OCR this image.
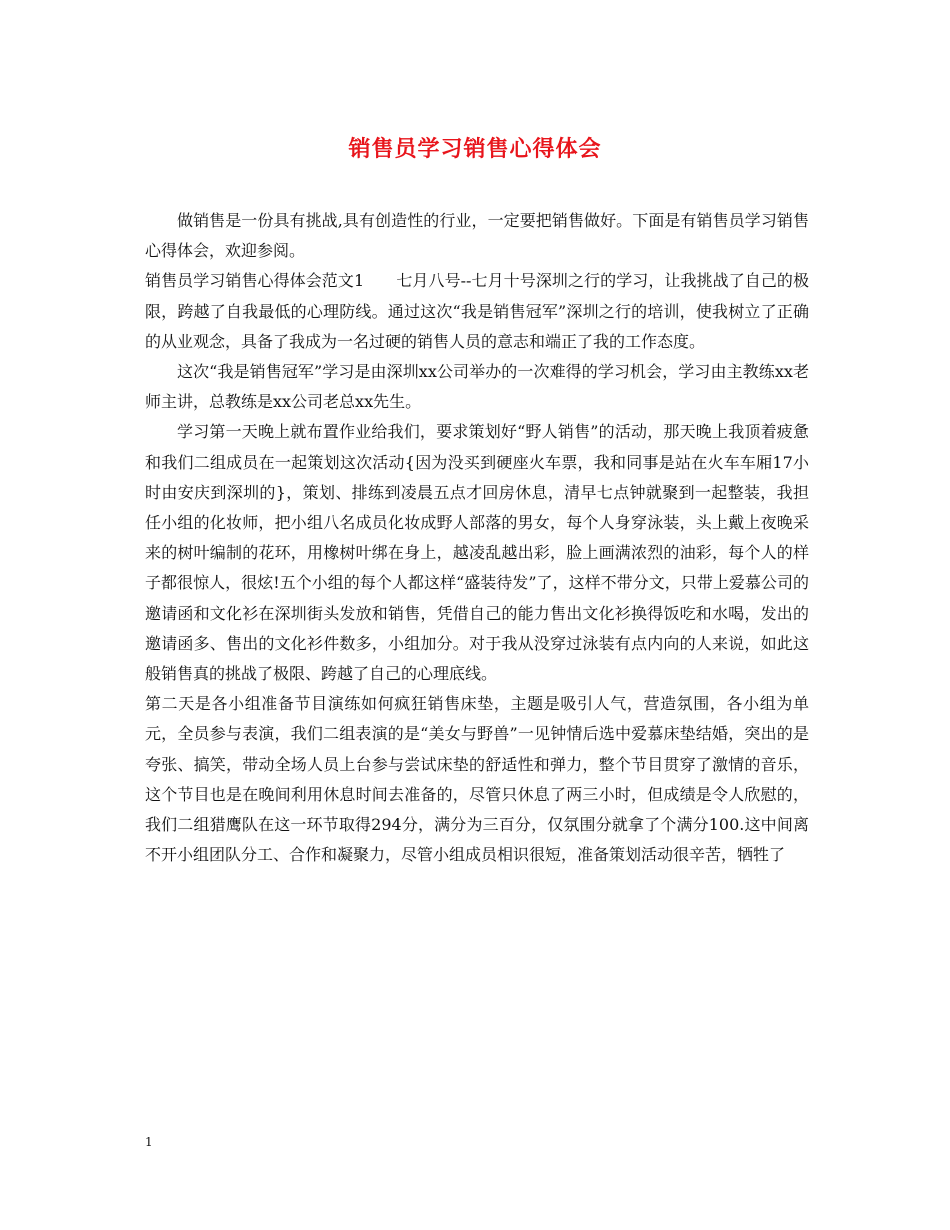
销售员学习销售心得体会

做销售是一份具有挑战,具有创造性的行业，一定要把销售做好。下面是有销售员学习销售心得体会，欢迎参阅。

销售员学习销售心得体会范文1　　七月八号--七月十号深圳之行的学习，让我挑战了自己的极限，跨越了自我最低的心理防线。通过这次“我是销售冠军”深圳之行的培训，使我树立了正确的从业观念，具备了我成为一名过硬的销售人员的意志和端正了我的工作态度。

这次“我是销售冠军”学习是由深圳xx公司举办的一次难得的学习机会，学习由主教练xx老师主讲，总教练是xx公司老总xx先生。

学习第一天晚上就布置作业给我们，要求策划好“野人销售”的活动，那天晚上我顶着疲惫和我们二组成员在一起策划这次活动{因为没买到硬座火车票，我和同事是站在火车车厢17小时由安庆到深圳的}，策划、排练到凌晨五点才回房休息，清早七点钟就聚到一起整装，我担任小组的化妆师，把小组八名成员化妆成野人部落的男女，每个人身穿泳装，头上戴上夜晚采来的树叶编制的花环，用橡树叶绑在身上，越凌乱越出彩，脸上画满浓烈的油彩，每个人的样子都很惊人，很炫!五个小组的每个人都这样“盛装待发”了，这样不带分文，只带上爱慕公司的邀请函和文化衫在深圳街头发放和销售，凭借自己的能力售出文化衫换得饭吃和水喝，发出的邀请函多、售出的文化衫件数多，小组加分。对于我从没穿过泳装有点内向的人来说，如此这般销售真的挑战了极限、跨越了自己的心理底线。

第二天是各小组准备节目演练如何疯狂销售床垫，主题是吸引人气，营造氛围，各小组为单元，全员参与表演，我们二组表演的是“美女与野兽”一见钟情后选中爱慕床垫结婚，突出的是夸张、搞笑，带动全场人员上台参与尝试床垫的舒适性和弹力，整个节目贯穿了激情的音乐，这个节目也是在晚间利用休息时间去准备的，尽管只休息了两三小时，但成绩是令人欣慰的，我们二组猎鹰队在这一环节取得294分，满分为三百分，仅氛围分就拿了个满分100.这中间离不开小组团队分工、合作和凝聚力，尽管小组成员相识很短，准备策划活动很辛苦，牺牲了

1
